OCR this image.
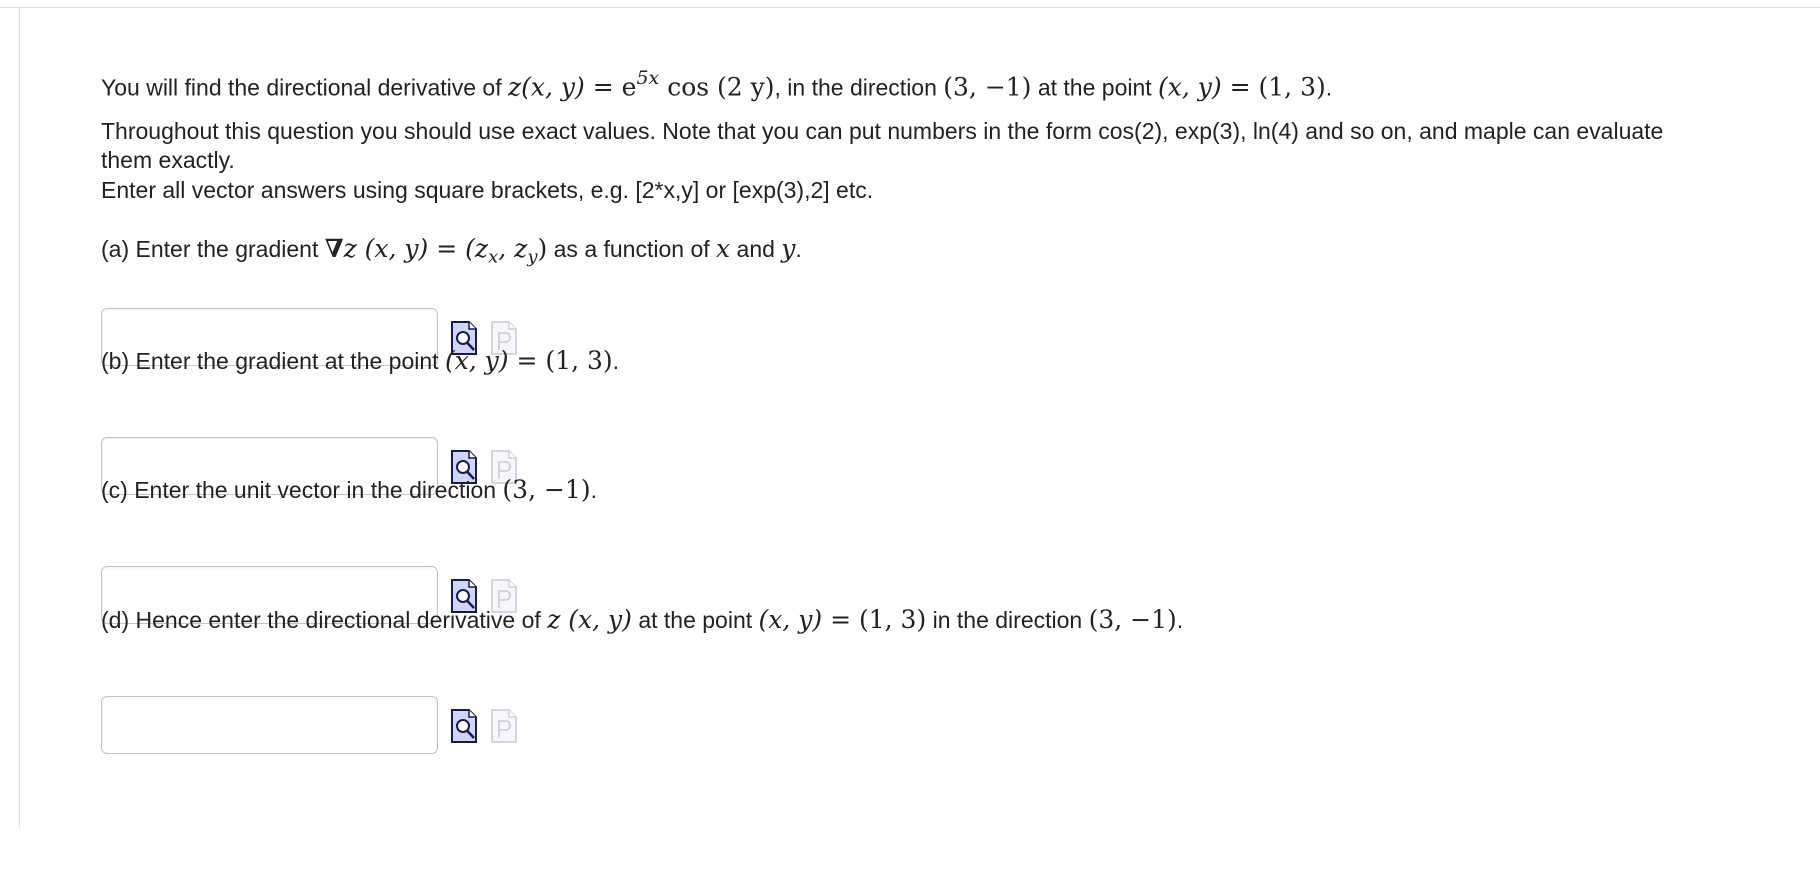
You will find the directional derivative of z(x, $y) = e^{5x}$ cos (2 y), in the direction (3, −1) at the point (x, y) = (1, 3).
Throughout this question you should use exact values. Note that you can put numbers in the form cos(2), exp(3), ln(4) and so on, and maple can evaluate
them exactly.
Enter all vector answers using square brackets, e.g. [2*x,y] or [exp(3),2] etc.
(a) Enter the gradient ∇z (x, $y) = (z_x$, $z_y$) as a function of x and y.
(b) Enter the gradient at the point (x, y) = (1, 3).
(c) Enter the unit vector in the direction (3, −1).
(d) Hence enter the directional derivative of z (x, y) at the point (x, y) = (1, 3) in the direction (3, −1).
